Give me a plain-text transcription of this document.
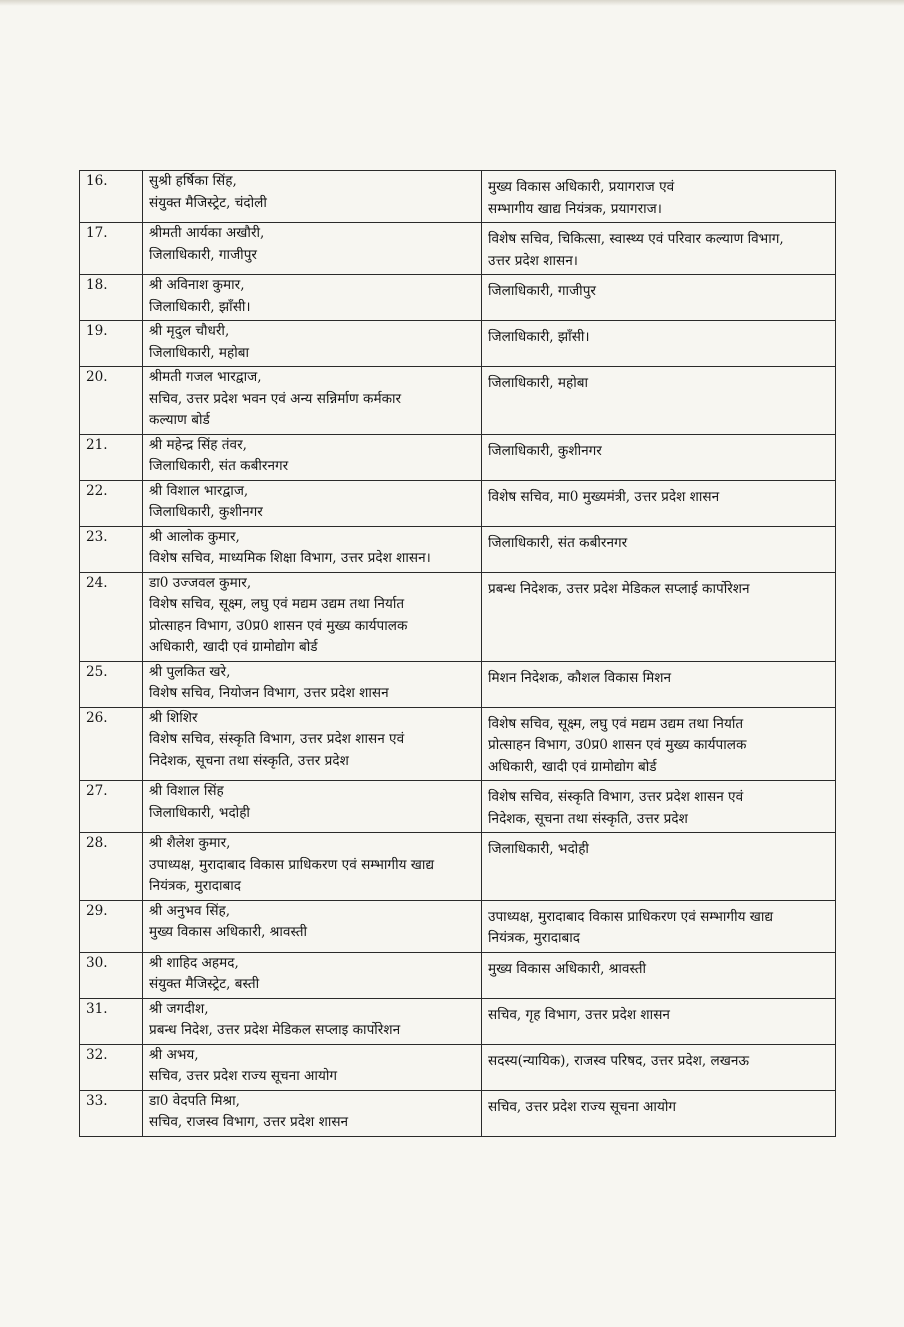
16.	सुश्री हर्षिका सिंह,
संयुक्त मैजिस्ट्रेट, चंदोली	मुख्य विकास अधिकारी, प्रयागराज एवं
सम्भागीय खाद्य नियंत्रक, प्रयागराज।

17.	श्रीमती आर्यका अखौरी,
जिलाधिकारी, गाजीपुर	विशेष सचिव, चिकित्सा, स्वास्थ्य एवं परिवार कल्याण विभाग,
उत्तर प्रदेश शासन।

18.	श्री अविनाश कुमार,
जिलाधिकारी, झाँसी।	जिलाधिकारी, गाजीपुर

19.	श्री मृदुल चौधरी,
जिलाधिकारी, महोबा	जिलाधिकारी, झाँसी।

20.	श्रीमती गजल भारद्वाज,
सचिव, उत्तर प्रदेश भवन एवं अन्य सन्निर्माण कर्मकार
कल्याण बोर्ड	जिलाधिकारी, महोबा

21.	श्री महेन्द्र सिंह तंवर,
जिलाधिकारी, संत कबीरनगर	जिलाधिकारी, कुशीनगर

22.	श्री विशाल भारद्वाज,
जिलाधिकारी, कुशीनगर	विशेष सचिव, मा0 मुख्यमंत्री, उत्तर प्रदेश शासन

23.	श्री आलोक कुमार,
विशेष सचिव, माध्यमिक शिक्षा विभाग, उत्तर प्रदेश शासन।	जिलाधिकारी, संत कबीरनगर

24.	डा0 उज्जवल कुमार,
विशेष सचिव, सूक्ष्म, लघु एवं मद्यम उद्यम तथा निर्यात
प्रोत्साहन विभाग, उ0प्र0 शासन एवं मुख्य कार्यपालक
अधिकारी, खादी एवं ग्रामोद्योग बोर्ड	प्रबन्ध निदेशक, उत्तर प्रदेश मेडिकल सप्लाई कार्पोरेशन

25.	श्री पुलकित खरे,
विशेष सचिव, नियोजन विभाग, उत्तर प्रदेश शासन	मिशन निदेशक, कौशल विकास मिशन

26.	श्री शिशिर
विशेष सचिव, संस्कृति विभाग, उत्तर प्रदेश शासन एवं
निदेशक, सूचना तथा संस्कृति, उत्तर प्रदेश	विशेष सचिव, सूक्ष्म, लघु एवं मद्यम उद्यम तथा निर्यात
प्रोत्साहन विभाग, उ0प्र0 शासन एवं मुख्य कार्यपालक
अधिकारी, खादी एवं ग्रामोद्योग बोर्ड

27.	श्री विशाल सिंह
जिलाधिकारी, भदोही	विशेष सचिव, संस्कृति विभाग, उत्तर प्रदेश शासन एवं
निदेशक, सूचना तथा संस्कृति, उत्तर प्रदेश

28.	श्री शैलेश कुमार,
उपाध्यक्ष, मुरादाबाद विकास प्राधिकरण एवं सम्भागीय खाद्य
नियंत्रक, मुरादाबाद	जिलाधिकारी, भदोही

29.	श्री अनुभव सिंह,
मुख्य विकास अधिकारी, श्रावस्ती	उपाध्यक्ष, मुरादाबाद विकास प्राधिकरण एवं सम्भागीय खाद्य
नियंत्रक, मुरादाबाद

30.	श्री शाहिद अहमद,
संयुक्त मैजिस्ट्रेट, बस्ती	मुख्य विकास अधिकारी, श्रावस्ती

31.	श्री जगदीश,
प्रबन्ध निदेश, उत्तर प्रदेश मेडिकल सप्लाइ कार्पोरेशन	सचिव, गृह विभाग, उत्तर प्रदेश शासन

32.	श्री अभय,
सचिव, उत्तर प्रदेश राज्य सूचना आयोग	सदस्य(न्यायिक), राजस्व परिषद, उत्तर प्रदेश, लखनऊ

33.	डा0 वेदपति मिश्रा,
सचिव, राजस्व विभाग, उत्तर प्रदेश शासन	सचिव, उत्तर प्रदेश राज्य सूचना आयोग
